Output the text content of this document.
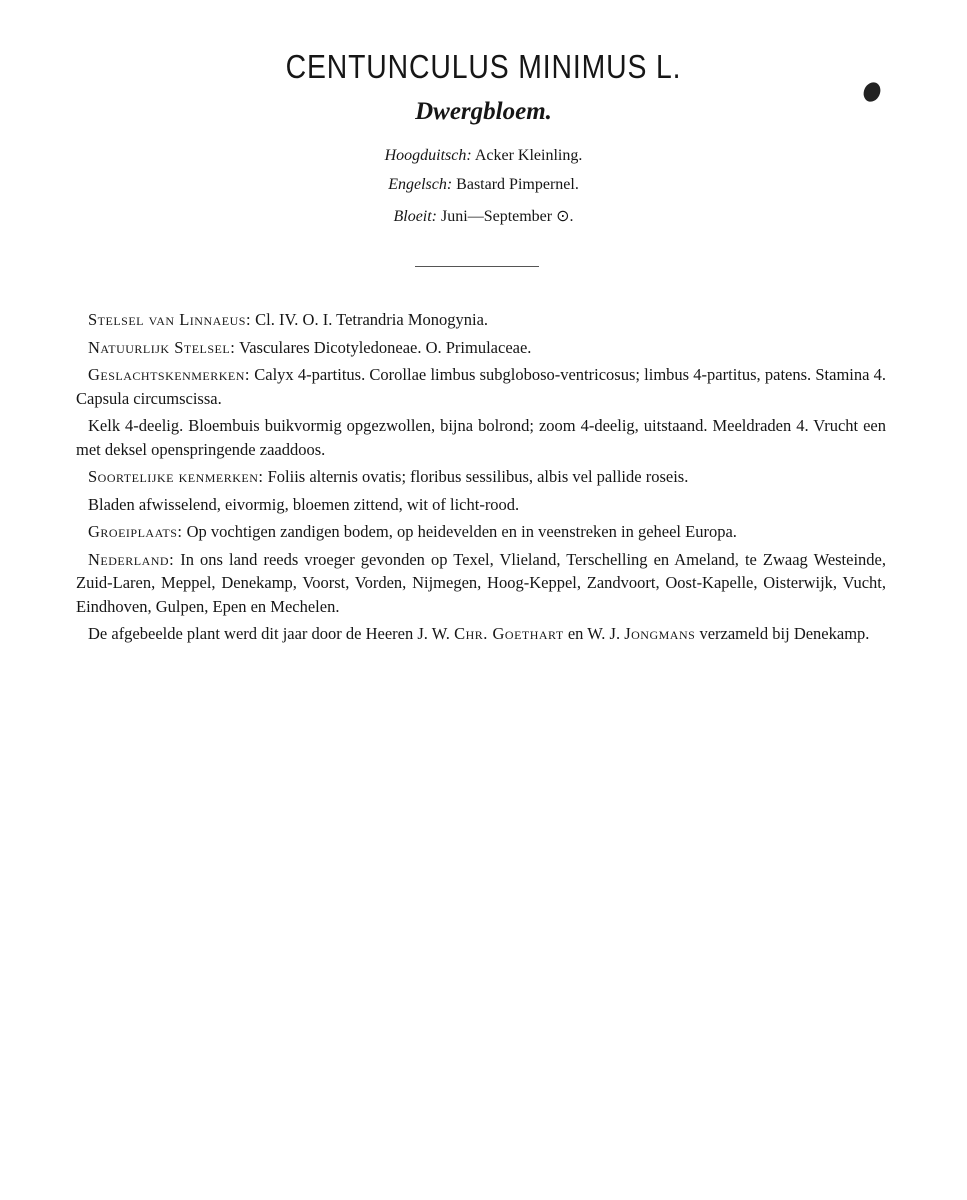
CENTUNCULUS MINIMUS L.
Dwergbloem.
Hoogduitsch: Acker Kleinling.
Engelsch: Bastard Pimpernel.
Bloeit: Juni—September ⊙.

Stelsel van Linnaeus: Cl. IV. O. I. Tetrandria Monogynia.

Natuurlijk Stelsel: Vasculares Dicotyledoneae. O. Primulaceae.

Geslachtskenmerken: Calyx 4-partitus. Corollae limbus subgloboso-ventricosus; limbus 4-partitus, patens. Stamina 4. Capsula circumscissa.

Kelk 4-deelig. Bloembuis buikvormig opgezwollen, bijna bolrond; zoom 4-deelig, uitstaand. Meeldraden 4. Vrucht een met deksel openspringende zaaddoos.

Soortelijke kenmerken: Foliis alternis ovatis; floribus sessilibus, albis vel pallide roseis.

Bladen afwisselend, eivormig, bloemen zittend, wit of licht-rood.

Groeiplaats: Op vochtigen zandigen bodem, op heidevelden en in veenstreken in geheel Europa.

Nederland: In ons land reeds vroeger gevonden op Texel, Vlieland, Terschelling en Ameland, te Zwaag Westeinde, Zuid-Laren, Meppel, Denekamp, Voorst, Vorden, Nijmegen, Hoog-Keppel, Zandvoort, Oost-Kapelle, Oisterwijk, Vucht, Eindhoven, Gulpen, Epen en Mechelen.

De afgebeelde plant werd dit jaar door de Heeren J. W. Chr. Goethart en W. J. Jongmans verzameld bij Denekamp.
